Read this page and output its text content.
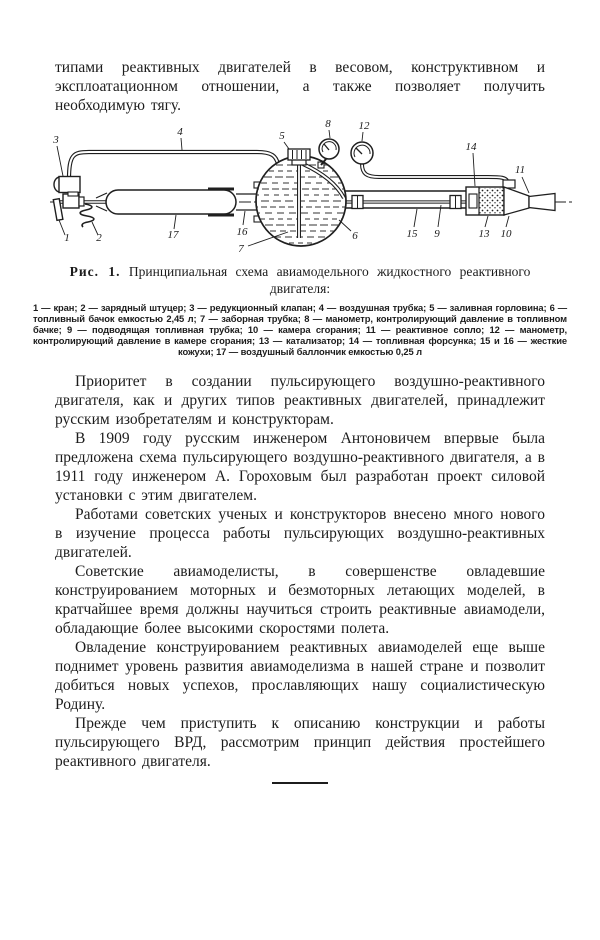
типами реактивных двигателей в весовом, конструктивном и эксплоатационном отношении, а также позволяет получить необходимую тягу.

1 2
3
4	5
6
7
8
9	10
11
12
13
14
15
16
17
Рис. 1. Принципиальная схема авиамодельного жидкостного реактивного двигателя:

1 — кран; 2 — зарядный штуцер; 3 — редукционный клапан; 4 — воздушная трубка; 5 — заливная горловина; 6 — топливный бачок емкостью 2,45 л; 7 — заборная трубка; 8 — манометр, контролирующий давление в топливном бачке; 9 — подводящая топливная трубка; 10 — камера сгорания; 11 — реактивное сопло; 12 — манометр, контролирующий давление в камере сгорания; 13 — катализатор; 14 — топливная форсунка; 15 и 16 — жесткие кожухи; 17 — воздушный баллончик емкостью 0,25 л

Приоритет в создании пульсирующего воздушно-реактивного двигателя, как и других типов реактивных двигателей, принадлежит русским изобретателям и конструкторам.

В 1909 году русским инженером Антоновичем впервые была предложена схема пульсирующего воздушно-реактивного двигателя, а в 1911 году инженером А. Гороховым был разработан проект силовой установки с этим двигателем.

Работами советских ученых и конструкторов внесено много нового в изучение процесса работы пульсирующих воздушно-реактивных двигателей.

Советские авиамоделисты, в совершенстве овладевшие конструированием моторных и безмоторных летающих моделей, в кратчайшее время должны научиться строить реактивные авиамодели, обладающие более высокими скоростями полета.

Овладение конструированием реактивных авиамоделей еще выше поднимет уровень развития авиамоделизма в нашей стране и позволит добиться новых успехов, прославляющих нашу социалистическую Родину.

Прежде чем приступить к описанию конструкции и работы пульсирующего ВРД, рассмотрим принцип действия простейшего реактивного двигателя.
